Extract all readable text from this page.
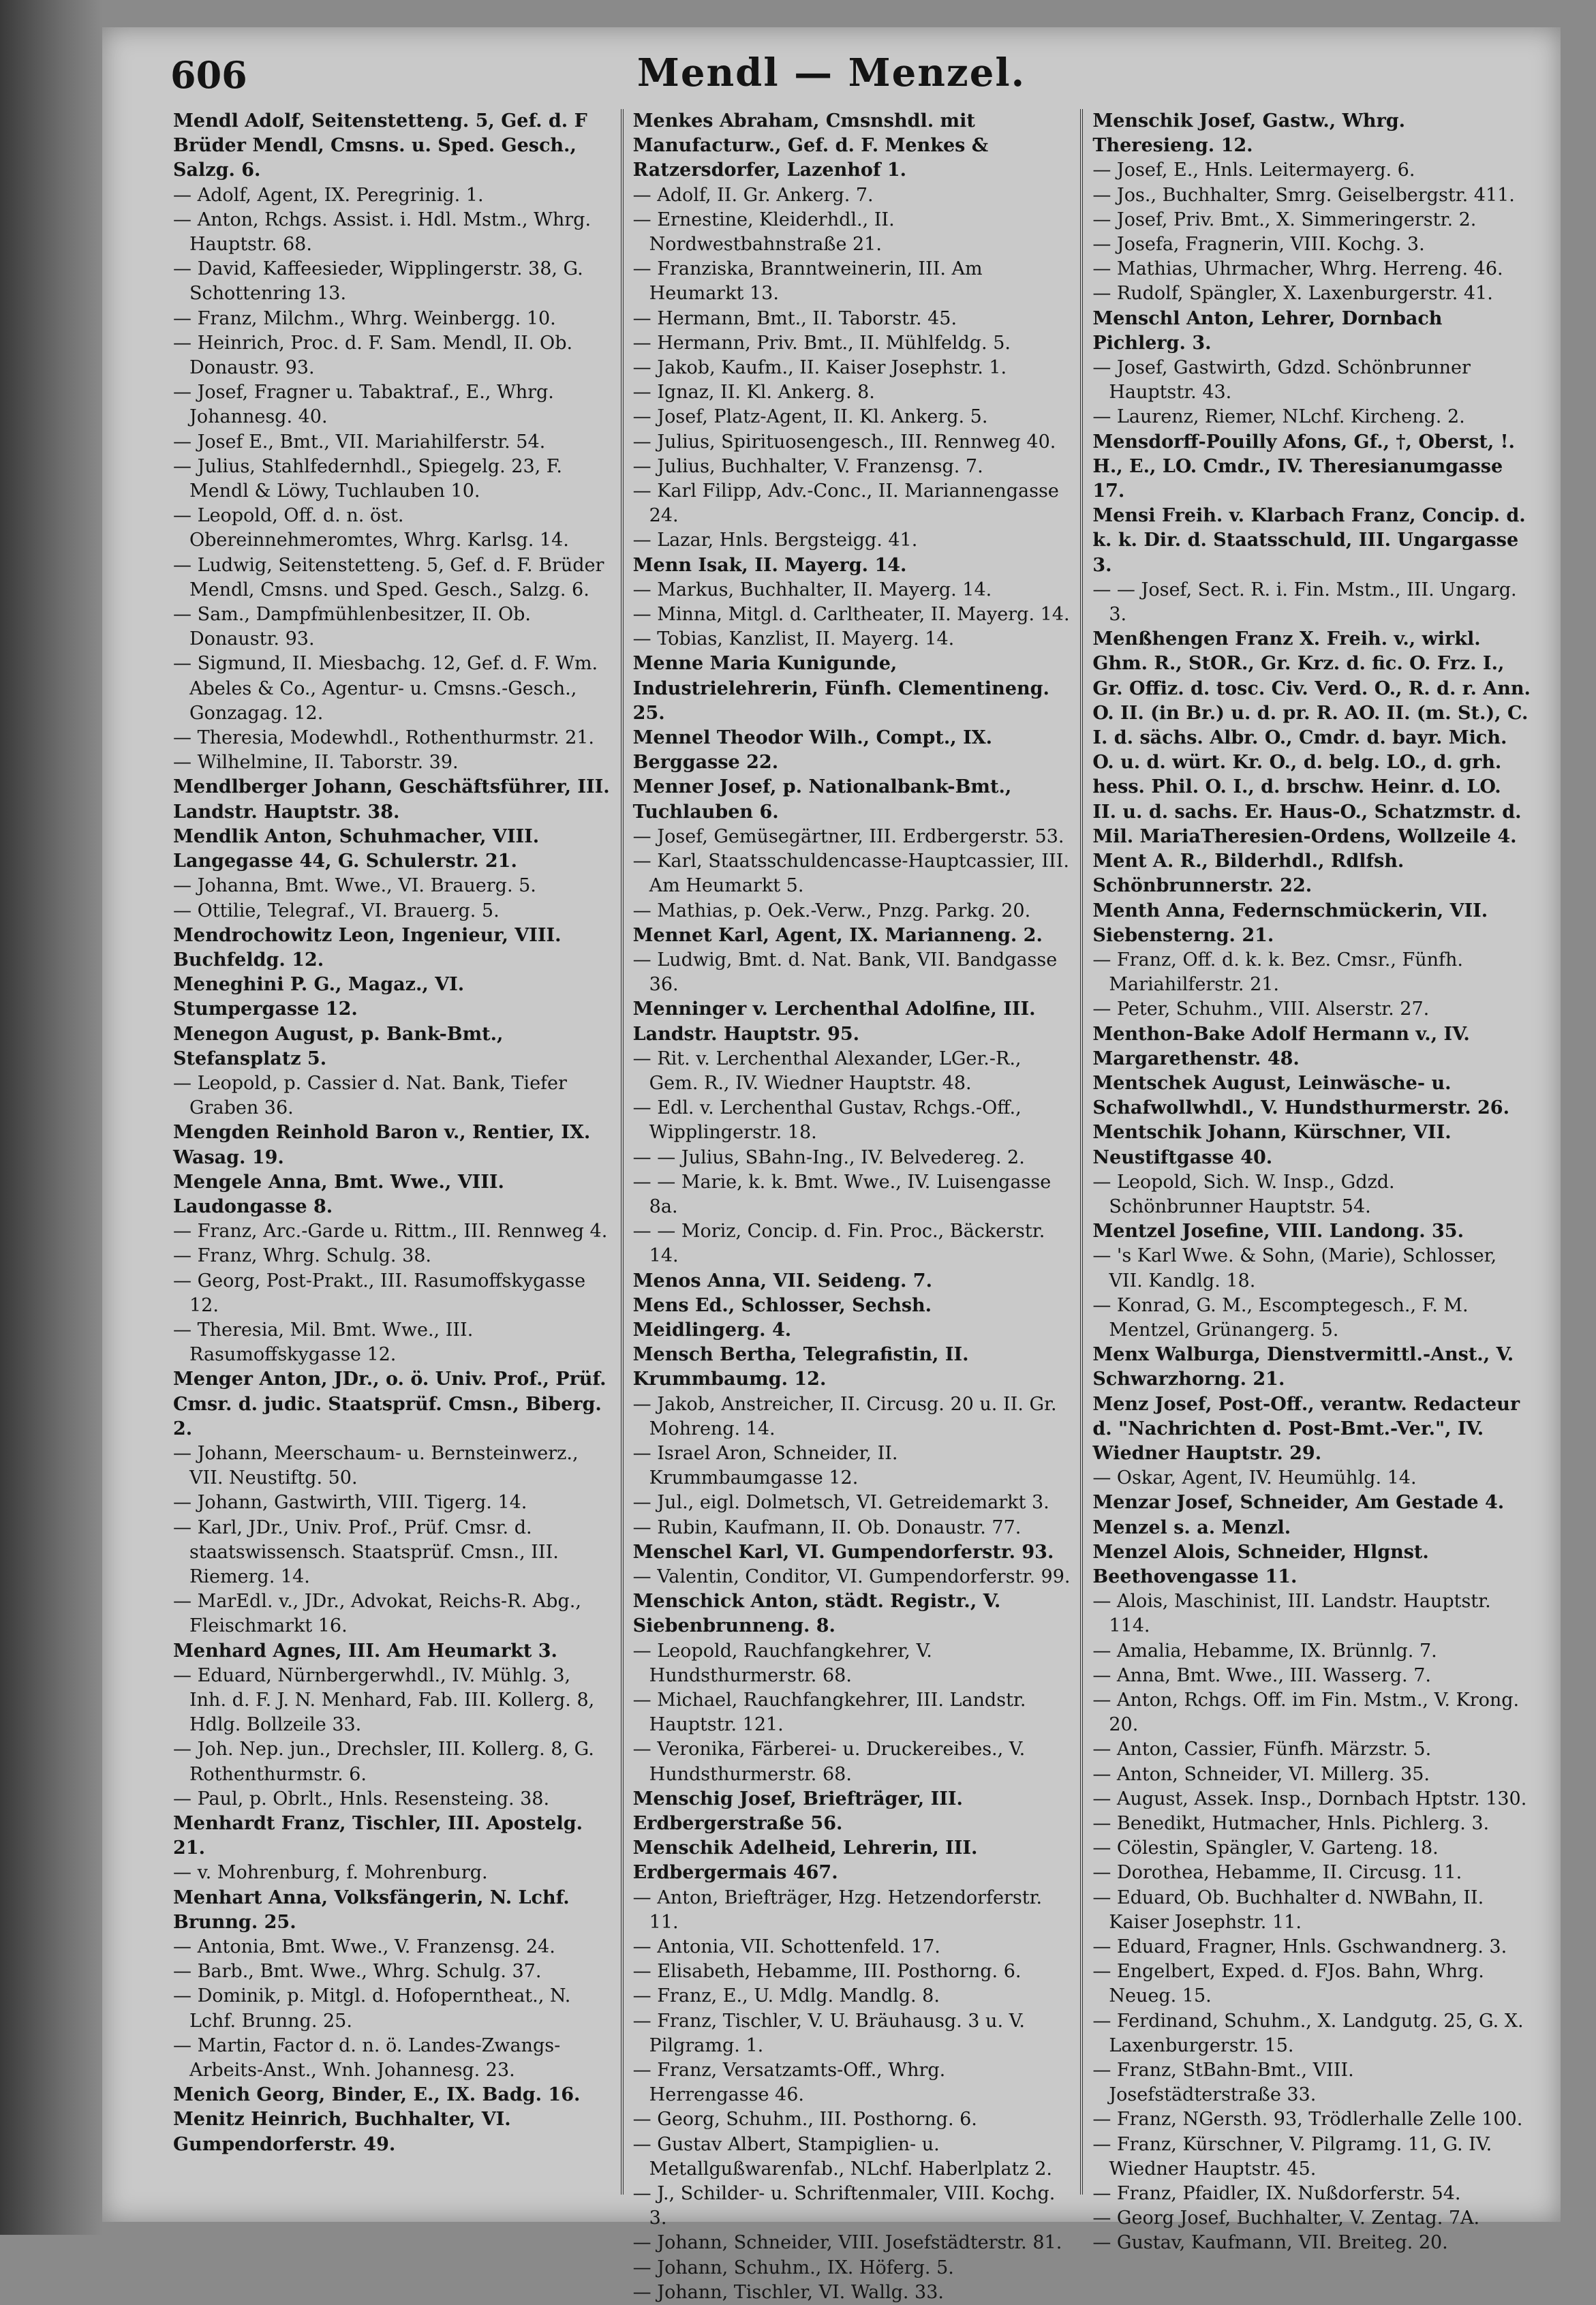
606	Mendl — Menzel.

Mendl Adolf, Seitenstetteng. 5, Gef. d. F Brüder Mendl, Cmsns. u. Sped. Gesch., Salzg. 6.

— Adolf, Agent, IX. Peregrinig. 1.

— Anton, Rchgs. Assist. i. Hdl. Mstm., Whrg. Hauptstr. 68.

— David, Kaffeesieder, Wipplingerstr. 38, G. Schottenring 13.

— Franz, Milchm., Whrg. Weinbergg. 10.

— Heinrich, Proc. d. F. Sam. Mendl, II. Ob. Donaustr. 93.

— Josef, Fragner u. Tabaktraf., E., Whrg. Johannesg. 40.

— Josef E., Bmt., VII. Mariahilferstr. 54.

— Julius, Stahlfedernhdl., Spiegelg. 23, F. Mendl & Löwy, Tuchlauben 10.

— Leopold, Off. d. n. öst. Obereinnehmeromtes, Whrg. Karlsg. 14.

— Ludwig, Seitenstetteng. 5, Gef. d. F. Brüder Mendl, Cmsns. und Sped. Gesch., Salzg. 6.

— Sam., Dampfmühlenbesitzer, II. Ob. Donaustr. 93.

— Sigmund, II. Miesbachg. 12, Gef. d. F. Wm. Abeles & Co., Agentur- u. Cmsns.-Gesch., Gonzagag. 12.

— Theresia, Modewhdl., Rothenthurmstr. 21.

— Wilhelmine, II. Taborstr. 39.

Mendlberger Johann, Geschäftsführer, III. Landstr. Hauptstr. 38.

Mendlik Anton, Schuhmacher, VIII. Langegasse 44, G. Schulerstr. 21.

— Johanna, Bmt. Wwe., VI. Brauerg. 5.

— Ottilie, Telegraf., VI. Brauerg. 5.

Mendrochowitz Leon, Ingenieur, VIII. Buchfeldg. 12.

Meneghini P. G., Magaz., VI. Stumpergasse 12.

Menegon August, p. Bank-Bmt., Stefansplatz 5.

— Leopold, p. Cassier d. Nat. Bank, Tiefer Graben 36.

Mengden Reinhold Baron v., Rentier, IX. Wasag. 19.

Mengele Anna, Bmt. Wwe., VIII. Laudongasse 8.

— Franz, Arc.-Garde u. Rittm., III. Rennweg 4.

— Franz, Whrg. Schulg. 38.

— Georg, Post-Prakt., III. Rasumoffskygasse 12.

— Theresia, Mil. Bmt. Wwe., III. Rasumoffskygasse 12.

Menger Anton, JDr., o. ö. Univ. Prof., Prüf. Cmsr. d. judic. Staatsprüf. Cmsn., Biberg. 2.

— Johann, Meerschaum- u. Bernsteinwerz., VII. Neustiftg. 50.

— Johann, Gastwirth, VIII. Tigerg. 14.

— Karl, JDr., Univ. Prof., Prüf. Cmsr. d. staatswissensch. Staatsprüf. Cmsn., III. Riemerg. 14.

— MarEdl. v., JDr., Advokat, Reichs-R. Abg., Fleischmarkt 16.

Menhard Agnes, III. Am Heumarkt 3.

— Eduard, Nürnbergerwhdl., IV. Mühlg. 3, Inh. d. F. J. N. Menhard, Fab. III. Kollerg. 8, Hdlg. Bollzeile 33.

— Joh. Nep. jun., Drechsler, III. Kollerg. 8, G. Rothenthurmstr. 6.

— Paul, p. Obrlt., Hnls. Resensteing. 38.

Menhardt Franz, Tischler, III. Apostelg. 21.

— v. Mohrenburg, f. Mohrenburg.

Menhart Anna, Volksfängerin, N. Lchf. Brunng. 25.

— Antonia, Bmt. Wwe., V. Franzensg. 24.

— Barb., Bmt. Wwe., Whrg. Schulg. 37.

— Dominik, p. Mitgl. d. Hofoperntheat., N. Lchf. Brunng. 25.

— Martin, Factor d. n. ö. Landes-Zwangs-Arbeits-Anst., Wnh. Johannesg. 23.

Menich Georg, Binder, E., IX. Badg. 16.

Menitz Heinrich, Buchhalter, VI. Gumpendorferstr. 49.

Menkes Abraham, Cmsnshdl. mit Manufacturw., Gef. d. F. Menkes & Ratzersdorfer, Lazenhof 1.

— Adolf, II. Gr. Ankerg. 7.

— Ernestine, Kleiderhdl., II. Nordwestbahnstraße 21.

— Franziska, Branntweinerin, III. Am Heumarkt 13.

— Hermann, Bmt., II. Taborstr. 45.

— Hermann, Priv. Bmt., II. Mühlfeldg. 5.

— Jakob, Kaufm., II. Kaiser Josephstr. 1.

— Ignaz, II. Kl. Ankerg. 8.

— Josef, Platz-Agent, II. Kl. Ankerg. 5.

— Julius, Spirituosengesch., III. Rennweg 40.

— Julius, Buchhalter, V. Franzensg. 7.

— Karl Filipp, Adv.-Conc., II. Mariannengasse 24.

— Lazar, Hnls. Bergsteigg. 41.

Menn Isak, II. Mayerg. 14.

— Markus, Buchhalter, II. Mayerg. 14.

— Minna, Mitgl. d. Carltheater, II. Mayerg. 14.

— Tobias, Kanzlist, II. Mayerg. 14.

Menne Maria Kunigunde, Industrielehrerin, Fünfh. Clementineng. 25.

Mennel Theodor Wilh., Compt., IX. Berggasse 22.

Menner Josef, p. Nationalbank-Bmt., Tuchlauben 6.

— Josef, Gemüsegärtner, III. Erdbergerstr. 53.

— Karl, Staatsschuldencasse-Hauptcassier, III. Am Heumarkt 5.

— Mathias, p. Oek.-Verw., Pnzg. Parkg. 20.

Mennet Karl, Agent, IX. Marianneng. 2.

— Ludwig, Bmt. d. Nat. Bank, VII. Bandgasse 36.

Menninger v. Lerchenthal Adolfine, III. Landstr. Hauptstr. 95.

— Rit. v. Lerchenthal Alexander, LGer.-R., Gem. R., IV. Wiedner Hauptstr. 48.

— Edl. v. Lerchenthal Gustav, Rchgs.-Off., Wipplingerstr. 18.

— — Julius, SBahn-Ing., IV. Belvedereg. 2.

— — Marie, k. k. Bmt. Wwe., IV. Luisengasse 8a.

— — Moriz, Concip. d. Fin. Proc., Bäckerstr. 14.

Menos Anna, VII. Seideng. 7.

Mens Ed., Schlosser, Sechsh. Meidlingerg. 4.

Mensch Bertha, Telegrafistin, II. Krummbaumg. 12.

— Jakob, Anstreicher, II. Circusg. 20 u. II. Gr. Mohreng. 14.

— Israel Aron, Schneider, II. Krummbaumgasse 12.

— Jul., eigl. Dolmetsch, VI. Getreidemarkt 3.

— Rubin, Kaufmann, II. Ob. Donaustr. 77.

Menschel Karl, VI. Gumpendorferstr. 93.

— Valentin, Conditor, VI. Gumpendorferstr. 99.

Menschick Anton, städt. Registr., V. Siebenbrunneng. 8.

— Leopold, Rauchfangkehrer, V. Hundsthurmerstr. 68.

— Michael, Rauchfangkehrer, III. Landstr. Hauptstr. 121.

— Veronika, Färberei- u. Druckereibes., V. Hundsthurmerstr. 68.

Menschig Josef, Briefträger, III. Erdbergerstraße 56.

Menschik Adelheid, Lehrerin, III. Erdbergermais 467.

— Anton, Briefträger, Hzg. Hetzendorferstr. 11.

— Antonia, VII. Schottenfeld. 17.

— Elisabeth, Hebamme, III. Posthorng. 6.

— Franz, E., U. Mdlg. Mandlg. 8.

— Franz, Tischler, V. U. Bräuhausg. 3 u. V. Pilgramg. 1.

— Franz, Versatzamts-Off., Whrg. Herrengasse 46.

— Georg, Schuhm., III. Posthorng. 6.

— Gustav Albert, Stampiglien- u. Metallgußwarenfab., NLchf. Haberlplatz 2.

— J., Schilder- u. Schriftenmaler, VIII. Kochg. 3.

— Johann, Schneider, VIII. Josefstädterstr. 81.

— Johann, Schuhm., IX. Höferg. 5.

— Johann, Tischler, VI. Wallg. 33.

Menschik Josef, Gastw., Whrg. Theresieng. 12.

— Josef, E., Hnls. Leitermayerg. 6.

— Jos., Buchhalter, Smrg. Geiselbergstr. 411.

— Josef, Priv. Bmt., X. Simmeringerstr. 2.

— Josefa, Fragnerin, VIII. Kochg. 3.

— Mathias, Uhrmacher, Whrg. Herreng. 46.

— Rudolf, Spängler, X. Laxenburgerstr. 41.

Menschl Anton, Lehrer, Dornbach Pichlerg. 3.

— Josef, Gastwirth, Gdzd. Schönbrunner Hauptstr. 43.

— Laurenz, Riemer, NLchf. Kircheng. 2.

Mensdorff-Pouilly Afons, Gf., †, Oberst, !. H., E., LO. Cmdr., IV. Theresianumgasse 17.

Mensi Freih. v. Klarbach Franz, Concip. d. k. k. Dir. d. Staatsschuld, III. Ungargasse 3.

— — Josef, Sect. R. i. Fin. Mstm., III. Ungarg. 3.

Menßhengen Franz X. Freih. v., wirkl. Ghm. R., StOR., Gr. Krz. d. fic. O. Frz. I., Gr. Offiz. d. tosc. Civ. Verd. O., R. d. r. Ann. O. II. (in Br.) u. d. pr. R. AO. II. (m. St.), C. I. d. sächs. Albr. O., Cmdr. d. bayr. Mich. O. u. d. würt. Kr. O., d. belg. LO., d. grh. hess. Phil. O. I., d. brschw. Heinr. d. LO. II. u. d. sachs. Er. Haus-O., Schatzmstr. d. Mil. MariaTheresien-Ordens, Wollzeile 4.

Ment A. R., Bilderhdl., Rdlfsh. Schönbrunnerstr. 22.

Menth Anna, Federnschmückerin, VII. Siebensterng. 21.

— Franz, Off. d. k. k. Bez. Cmsr., Fünfh. Mariahilferstr. 21.

— Peter, Schuhm., VIII. Alserstr. 27.

Menthon-Bake Adolf Hermann v., IV. Margarethenstr. 48.

Mentschek August, Leinwäsche- u. Schafwollwhdl., V. Hundsthurmerstr. 26.

Mentschik Johann, Kürschner, VII. Neustiftgasse 40.

— Leopold, Sich. W. Insp., Gdzd. Schönbrunner Hauptstr. 54.

Mentzel Josefine, VIII. Landong. 35.

— 's Karl Wwe. & Sohn, (Marie), Schlosser, VII. Kandlg. 18.

— Konrad, G. M., Escomptegesch., F. M. Mentzel, Grünangerg. 5.

Menx Walburga, Dienstvermittl.-Anst., V. Schwarzhorng. 21.

Menz Josef, Post-Off., verantw. Redacteur d. "Nachrichten d. Post-Bmt.-Ver.", IV. Wiedner Hauptstr. 29.

— Oskar, Agent, IV. Heumühlg. 14.

Menzar Josef, Schneider, Am Gestade 4.

Menzel s. a. Menzl.

Menzel Alois, Schneider, Hlgnst. Beethovengasse 11.

— Alois, Maschinist, III. Landstr. Hauptstr. 114.

— Amalia, Hebamme, IX. Brünnlg. 7.

— Anna, Bmt. Wwe., III. Wasserg. 7.

— Anton, Rchgs. Off. im Fin. Mstm., V. Krong. 20.

— Anton, Cassier, Fünfh. Märzstr. 5.

— Anton, Schneider, VI. Millerg. 35.

— August, Assek. Insp., Dornbach Hptstr. 130.

— Benedikt, Hutmacher, Hnls. Pichlerg. 3.

— Cölestin, Spängler, V. Garteng. 18.

— Dorothea, Hebamme, II. Circusg. 11.

— Eduard, Ob. Buchhalter d. NWBahn, II. Kaiser Josephstr. 11.

— Eduard, Fragner, Hnls. Gschwandnerg. 3.

— Engelbert, Exped. d. FJos. Bahn, Whrg. Neueg. 15.

— Ferdinand, Schuhm., X. Landgutg. 25, G. X. Laxenburgerstr. 15.

— Franz, StBahn-Bmt., VIII. Josefstädterstraße 33.

— Franz, NGersth. 93, Trödlerhalle Zelle 100.

— Franz, Kürschner, V. Pilgramg. 11, G. IV. Wiedner Hauptstr. 45.

— Franz, Pfaidler, IX. Nußdorferstr. 54.

— Georg Josef, Buchhalter, V. Zentag. 7A.

— Gustav, Kaufmann, VII. Breiteg. 20.
